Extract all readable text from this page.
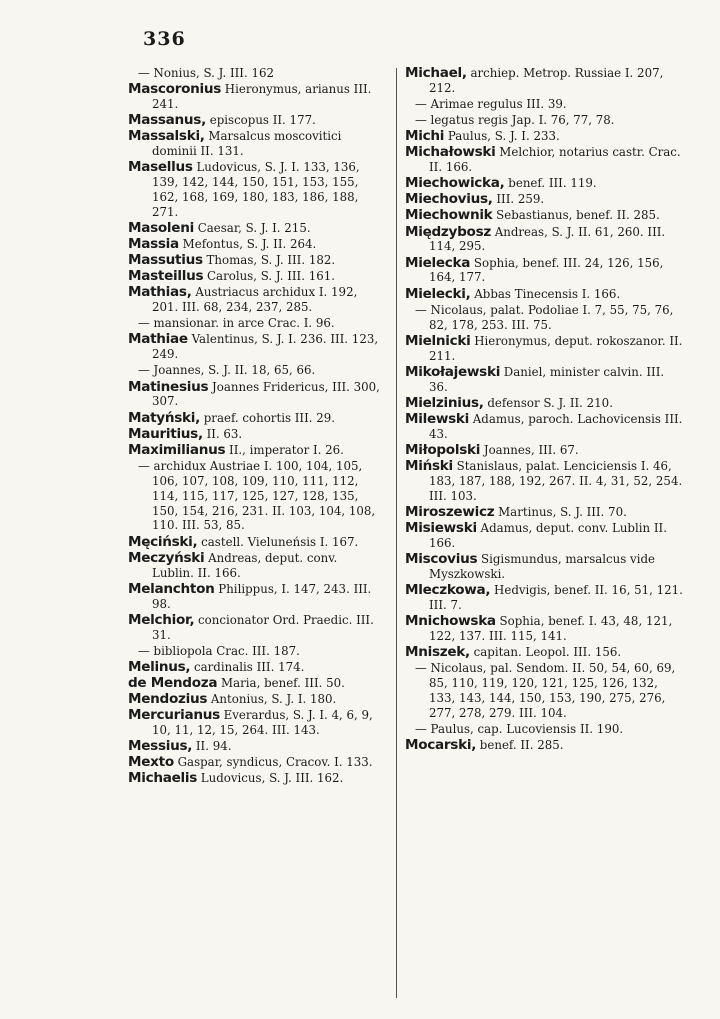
336
— Nonius, S. J. III. 162
Mascoronius Hieronymus, arianus III. 241.
Massanus, episcopus II. 177.
Massalski, Marsalcus moscovitici dominii II. 131.
Masellus Ludovicus, S. J. I. 133, 136, 139, 142, 144, 150, 151, 153, 155, 162, 168, 169, 180, 183, 186, 188, 271.
Masoleni Caesar, S. J. I. 215.
Massia Mefontus, S. J. II. 264.
Massutius Thomas, S. J. III. 182.
Masteillus Carolus, S. J. III. 161.
Mathias, Austriacus archidux I. 192, 201. III. 68, 234, 237, 285.
— mansionar. in arce Crac. I. 96.
Mathiae Valentinus, S. J. I. 236. III. 123, 249.
— Joannes, S. J. II. 18, 65, 66.
Matinesius Joannes Fridericus, III. 300, 307.
Matyński, praef. cohortis III. 29.
Mauritius, II. 63.
Maximilianus II., imperator I. 26.
— archidux Austriae I. 100, 104, 105, 106, 107, 108, 109, 110, 111, 112, 114, 115, 117, 125, 127, 128, 135, 150, 154, 216, 231. II. 103, 104, 108, 110. III. 53, 85.
Męciński, castell. Vieluneńsis I. 167.
Meczyński Andreas, deput. conv. Lublin. II. 166.
Melanchton Philippus, I. 147, 243. III. 98.
Melchior, concionator Ord. Praedic. III. 31.
— bibliopola Crac. III. 187.
Melinus, cardinalis III. 174.
de Mendoza Maria, benef. III. 50.
Mendozius Antonius, S. J. I. 180.
Mercurianus Everardus, S. J. I. 4, 6, 9, 10, 11, 12, 15, 264. III. 143.
Messius, II. 94.
Mexto Gaspar, syndicus, Cracov. I. 133.
Michaelis Ludovicus, S. J. III. 162.
Michael, archiep. Metrop. Russiae I. 207, 212.
— Arimae regulus III. 39.
— legatus regis Jap. I. 76, 77, 78.
Michi Paulus, S. J. I. 233.
Michałowski Melchior, notarius castr. Crac. II. 166.
Miechowicka, benef. III. 119.
Miechovius, III. 259.
Miechownik Sebastianus, benef. II. 285.
Międzybosz Andreas, S. J. II. 61, 260. III. 114, 295.
Mielecka Sophia, benef. III. 24, 126, 156, 164, 177.
Mielecki, Abbas Tinecensis I. 166.
— Nicolaus, palat. Podoliae I. 7, 55, 75, 76, 82, 178, 253. III. 75.
Mielnicki Hieronymus, deput. rokoszanor. II. 211.
Mikołajewski Daniel, minister calvin. III. 36.
Mielzinius, defensor S. J. II. 210.
Milewski Adamus, paroch. Lachovicensis III. 43.
Miłopolski Joannes, III. 67.
Miński Stanislaus, palat. Lenciciensis I. 46, 183, 187, 188, 192, 267. II. 4, 31, 52, 254. III. 103.
Miroszewicz Martinus, S. J. III. 70.
Misiewski Adamus, deput. conv. Lublin II. 166.
Miscovius Sigismundus, marsalcus vide Myszkowski.
Mleczkowa, Hedvigis, benef. II. 16, 51, 121. III. 7.
Mnichowska Sophia, benef. I. 43, 48, 121, 122, 137. III. 115, 141.
Mniszek, capitan. Leopol. III. 156.
— Nicolaus, pal. Sendom. II. 50, 54, 60, 69, 85, 110, 119, 120, 121, 125, 126, 132, 133, 143, 144, 150, 153, 190, 275, 276, 277, 278, 279. III. 104.
— Paulus, cap. Lucoviensis II. 190.
Mocarski, benef. II. 285.
